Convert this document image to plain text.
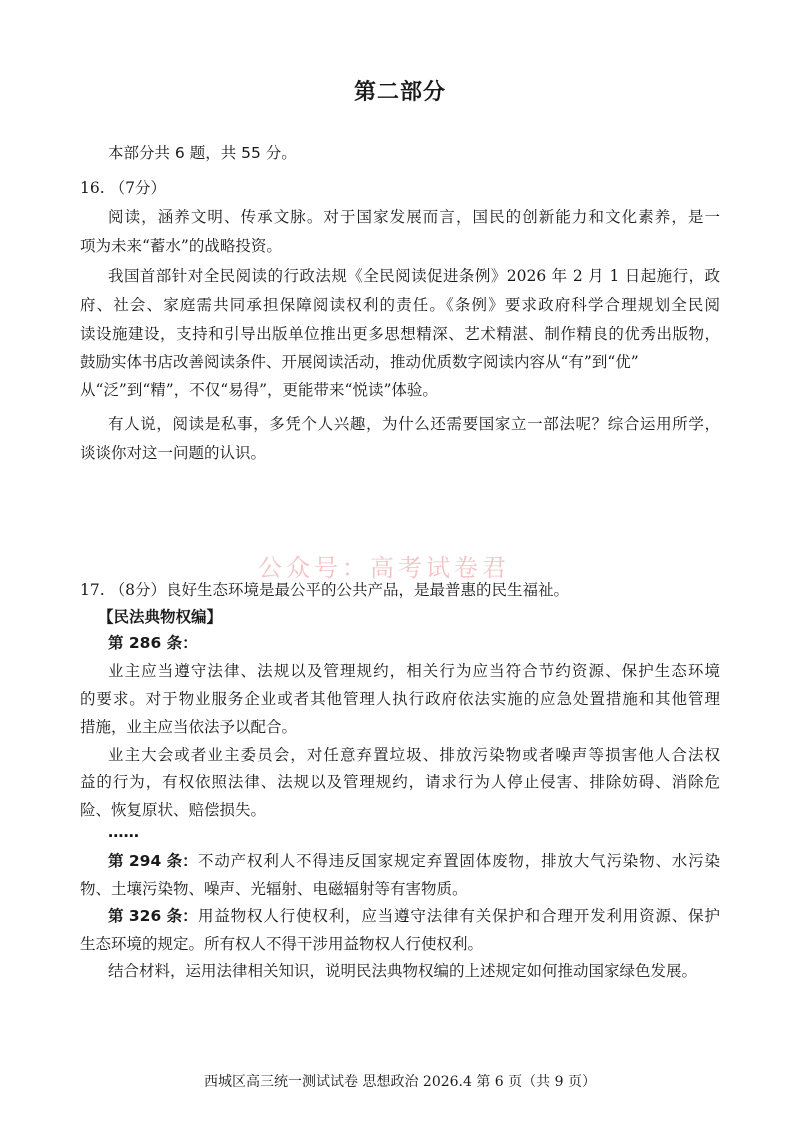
第二部分
本部分共 6 题，共 55 分。
16. （7分）
阅读，涵养文明、传承文脉。对于国家发展而言，国民的创新能力和文化素养，是一
项为未来“蓄水”的战略投资。
我国首部针对全民阅读的行政法规《全民阅读促进条例》2026 年 2 月 1 日起施行，政
府、社会、家庭需共同承担保障阅读权利的责任。《条例》要求政府科学合理规划全民阅
读设施建设，支持和引导出版单位推出更多思想精深、艺术精湛、制作精良的优秀出版物，
鼓励实体书店改善阅读条件、开展阅读活动，推动优质数字阅读内容从“有”到“优”
从“泛”到“精”，不仅“易得”，更能带来“悦读”体验。
有人说，阅读是私事，多凭个人兴趣，为什么还需要国家立一部法呢？综合运用所学，
谈谈你对这一问题的认识。
公众号：高考试卷君
17. （8分）良好生态环境是最公平的公共产品，是最普惠的民生福祉。
【民法典物权编】
第 286 条：
业主应当遵守法律、法规以及管理规约，相关行为应当符合节约资源、保护生态环境
的要求。对于物业服务企业或者其他管理人执行政府依法实施的应急处置措施和其他管理
措施，业主应当依法予以配合。
业主大会或者业主委员会，对任意弃置垃圾、排放污染物或者噪声等损害他人合法权
益的行为，有权依照法律、法规以及管理规约，请求行为人停止侵害、排除妨碍、消除危
险、恢复原状、赔偿损失。
……
第 294 条： 不动产权利人不得违反国家规定弃置固体废物，排放大气污染物、水污染
物、土壤污染物、噪声、光辐射、电磁辐射等有害物质。
第 326 条： 用益物权人行使权利，应当遵守法律有关保护和合理开发利用资源、保护
生态环境的规定。所有权人不得干涉用益物权人行使权利。
结合材料，运用法律相关知识，说明民法典物权编的上述规定如何推动国家绿色发展。
西城区高三统一测试试卷 思想政治 2026.4 第 6 页（共 9 页）
